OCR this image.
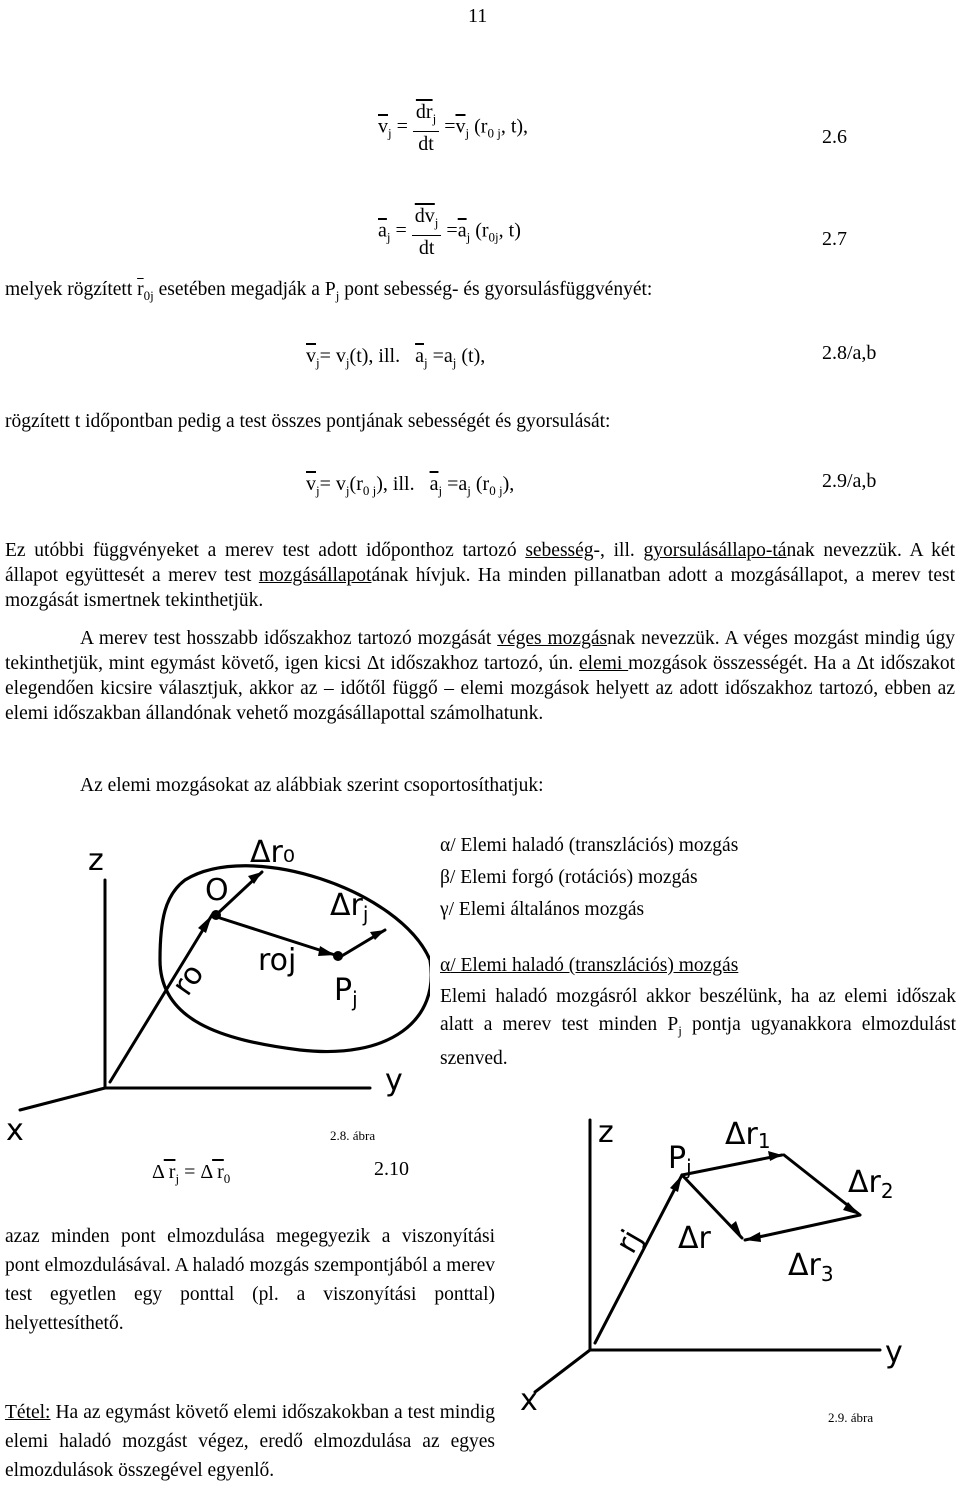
11
$\overline{v}_j = \frac{\overline{dr}_j}{dt} =\overline{v}_j$ ($r_{0 j}$, t),	2.6
$\overline{a}_j = \frac{\overline{dv}_j}{dt} =\overline{a}_j$ ($r_{0j}$, t)	2.7
melyek rögzített $\overline{r}_{0j}$ esetében megadják a $P_j$ pont sebesség- és gyorsulásfüggvényét:
$\overline{v}_j= v_j(t)$, ill. $\overline{a}_j =a_j$ (t),	2.8/a,b
rögzített t időpontban pedig a test összes pontjának sebességét és gyorsulását:
$\overline{v}_j= v_j(r_{0 j})$, ill. $\overline{a}_j =a_j$ $(r_{0 j})$,	2.9/a,b
Ez utóbbi függvényeket a merev test adott időponthoz tartozó sebesség-, ill. gyorsulásállapo-tának nevezzük. A két állapot együttesét a merev test mozgásállapotának hívjuk. Ha minden pillanatban adott a mozgásállapot, a merev test mozgását ismertnek tekinthetjük.
A merev test hosszabb időszakhoz tartozó mozgását véges mozgásnak nevezzük. A véges mozgást mindig úgy tekinthetjük, mint egymást követő, igen kicsi Δt időszakhoz tartozó, ún. elemi mozgások összességét. Ha a Δt időszakot elegendően kicsire választjuk, akkor az – időtől függő – elemi mozgások helyett az adott időszakhoz tartozó, ebben az elemi időszakban állandónak vehető mozgásállapottal számolhatunk.
Az elemi mozgásokat az alábbiak szerint csoportosíthatjuk:
α/ Elemi haladó (transzlációs) mozgás
β/ Elemi forgó (rotációs) mozgás
γ/ Elemi általános mozgás
α/ Elemi haladó (transzlációs) mozgás
Elemi haladó mozgásról akkor beszélünk, ha az elemi időszak alatt a merev test minden $P_j$ pontja ugyanakkora elmozdulást szenved.
z
y
x
O
Δr₀
$\Delta r_j$
ro roj
$P_j$
2.8. ábra
Δ $r_j = \Delta$ $r_0$	2.10
azaz minden pont elmozdulása megegyezik a viszonyítási pont elmozdulásával. A haladó mozgás szempontjából a merev test egyetlen egy ponttal (pl. a viszonyítási ponttal) helyettesíthető.
Tétel: Ha az egymást követő elemi időszakokban a test mindig elemi haladó mozgást végez, eredő elmozdulása az egyes elmozdulások összegével egyenlő.
z
y
x
$P_j$
Δr1
$\Delta r_2$
$\Delta r_3$
Δr
rj
2.9. ábra
